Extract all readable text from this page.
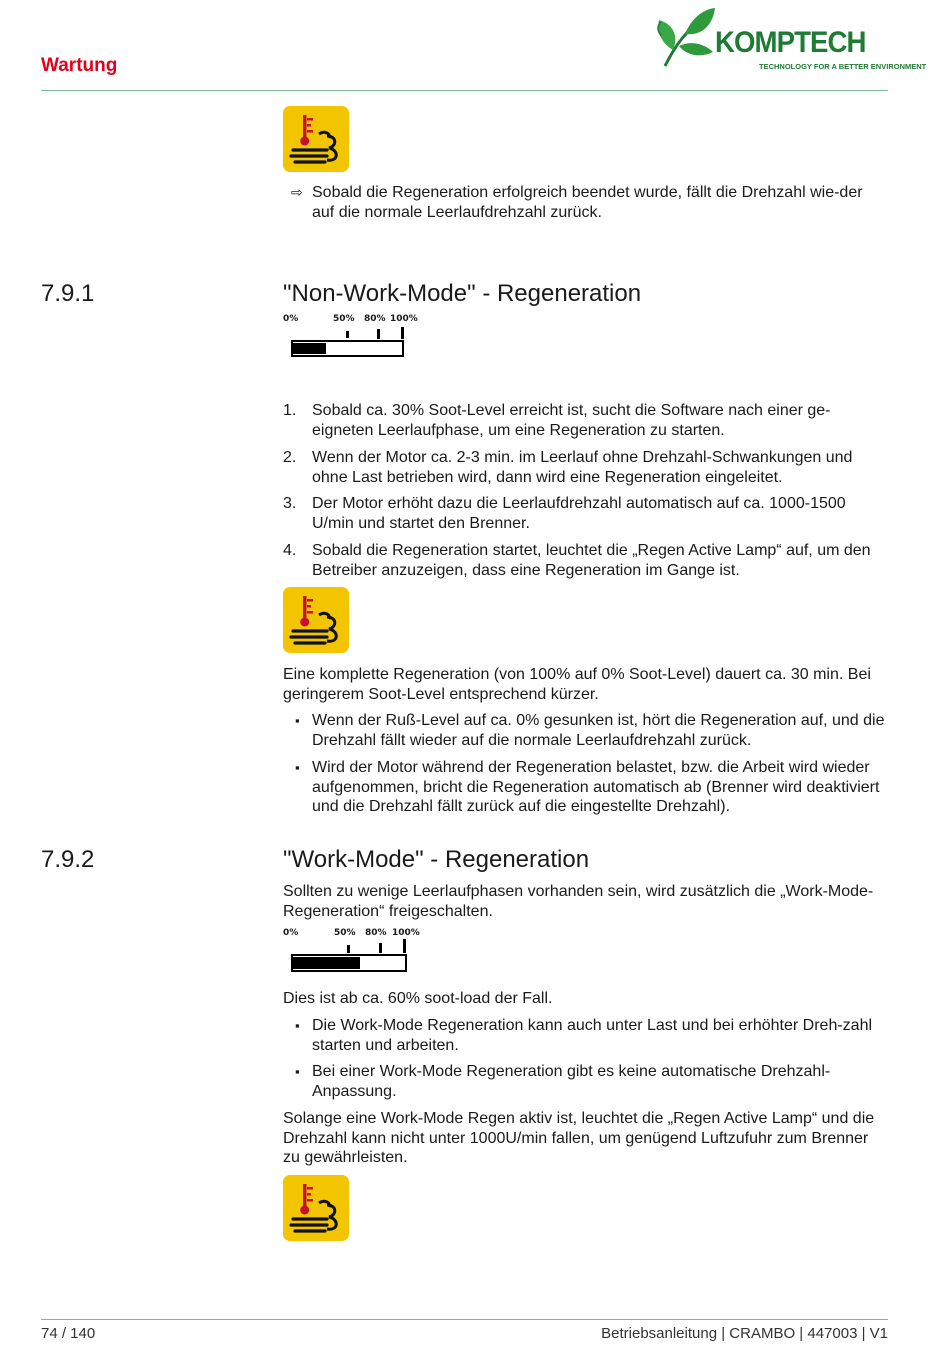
Wartung
KOMPTECH
TECHNOLOGY FOR A BETTER ENVIRONMENT
⇨ Sobald die Regeneration erfolgreich beendet wurde, fällt die Drehzahl wie-der auf die normale Leerlaufdrehzahl zurück.
7.9.1	"Non-Work-Mode" - Regeneration
0%	50% 80% 100%
1. Sobald ca. 30% Soot-Level erreicht ist, sucht die Software nach einer ge-eigneten Leerlaufphase, um eine Regeneration zu starten.
2. Wenn der Motor ca. 2-3 min. im Leerlauf ohne Drehzahl-Schwankungen und ohne Last betrieben wird, dann wird eine Regeneration eingeleitet.
3. Der Motor erhöht dazu die Leerlaufdrehzahl automatisch auf ca. 1000-1500 U/min und startet den Brenner.
4. Sobald die Regeneration startet, leuchtet die „Regen Active Lamp“ auf, um den Betreiber anzuzeigen, dass eine Regeneration im Gange ist.
Eine komplette Regeneration (von 100% auf 0% Soot-Level) dauert ca. 30 min. Bei geringerem Soot-Level entsprechend kürzer.
▪ Wenn der Ruß-Level auf ca. 0% gesunken ist, hört die Regeneration auf, und die Drehzahl fällt wieder auf die normale Leerlaufdrehzahl zurück.
▪ Wird der Motor während der Regeneration belastet, bzw. die Arbeit wird wieder aufgenommen, bricht die Regeneration automatisch ab (Brenner wird deaktiviert und die Drehzahl fällt zurück auf die eingestellte Drehzahl).
7.9.2	"Work-Mode" - Regeneration
Sollten zu wenige Leerlaufphasen vorhanden sein, wird zusätzlich die „Work-Mode-Regeneration“ freigeschalten.
0%	50% 80% 100%
Dies ist ab ca. 60% soot-load der Fall.
▪ Die Work-Mode Regeneration kann auch unter Last und bei erhöhter Dreh-zahl starten und arbeiten.
▪ Bei einer Work-Mode Regeneration gibt es keine automatische Drehzahl-Anpassung.
Solange eine Work-Mode Regen aktiv ist, leuchtet die „Regen Active Lamp“ und die Drehzahl kann nicht unter 1000U/min fallen, um genügend Luftzufuhr zum Brenner zu gewährleisten.
74 / 140	Betriebsanleitung | CRAMBO | 447003 | V1
